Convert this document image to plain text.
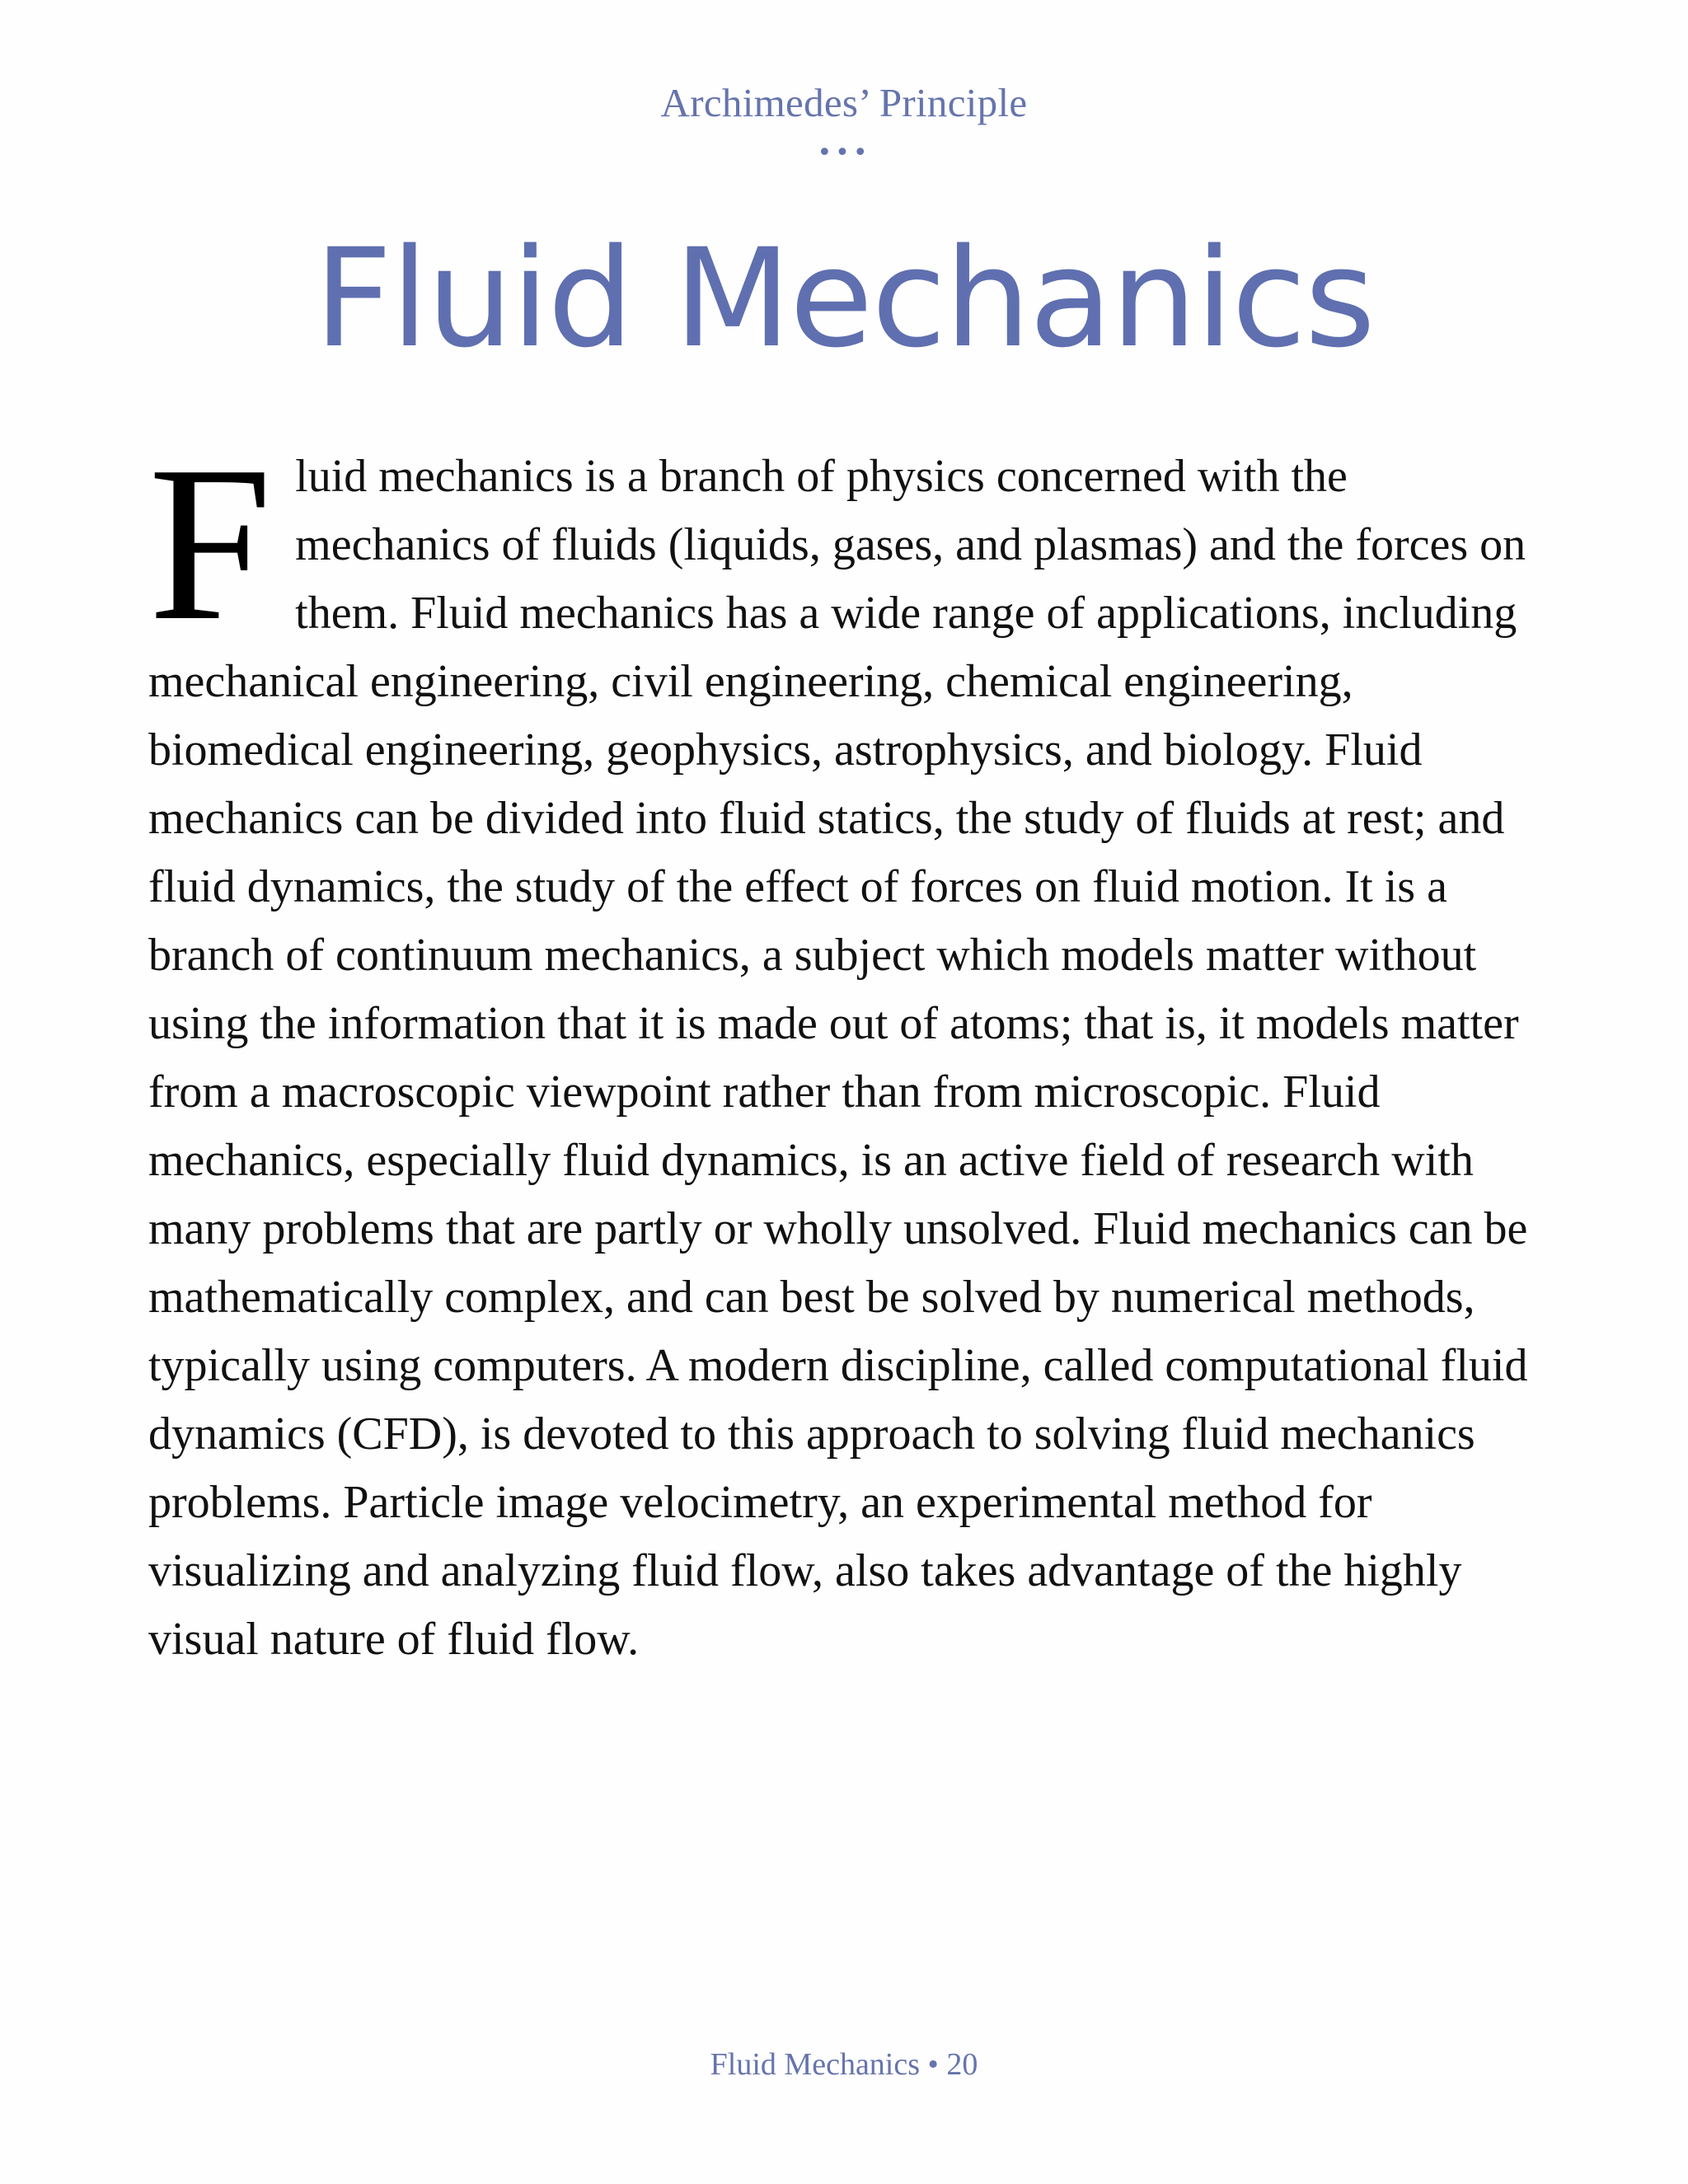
Archimedes’ Principle
•••
Fluid Mechanics

Fluid mechanics is a branch of physics concerned with the mechanics of fluids (liquids, gases, and plasmas) and the forces on them. Fluid mechanics has a wide range of applications, including mechanical engineering, civil engineering, chemical engineering, biomedical engineering, geophysics, astrophysics, and biology. Fluid mechanics can be divided into fluid statics, the study of fluids at rest; and fluid dynamics, the study of the effect of forces on fluid motion. It is a branch of continuum mechanics, a subject which models matter without using the information that it is made out of atoms; that is, it models matter from a macroscopic viewpoint rather than from microscopic. Fluid mechanics, especially fluid dynamics, is an active field of research with many problems that are partly or wholly unsolved. Fluid mechanics can be mathematically complex, and can best be solved by numerical methods, typically using computers. A modern discipline, called computational fluid dynamics (CFD), is devoted to this approach to solving fluid mechanics problems. Particle image velocimetry, an experimental method for visualizing and analyzing fluid flow, also takes advantage of the highly visual nature of fluid flow.

Fluid Mechanics • 20
